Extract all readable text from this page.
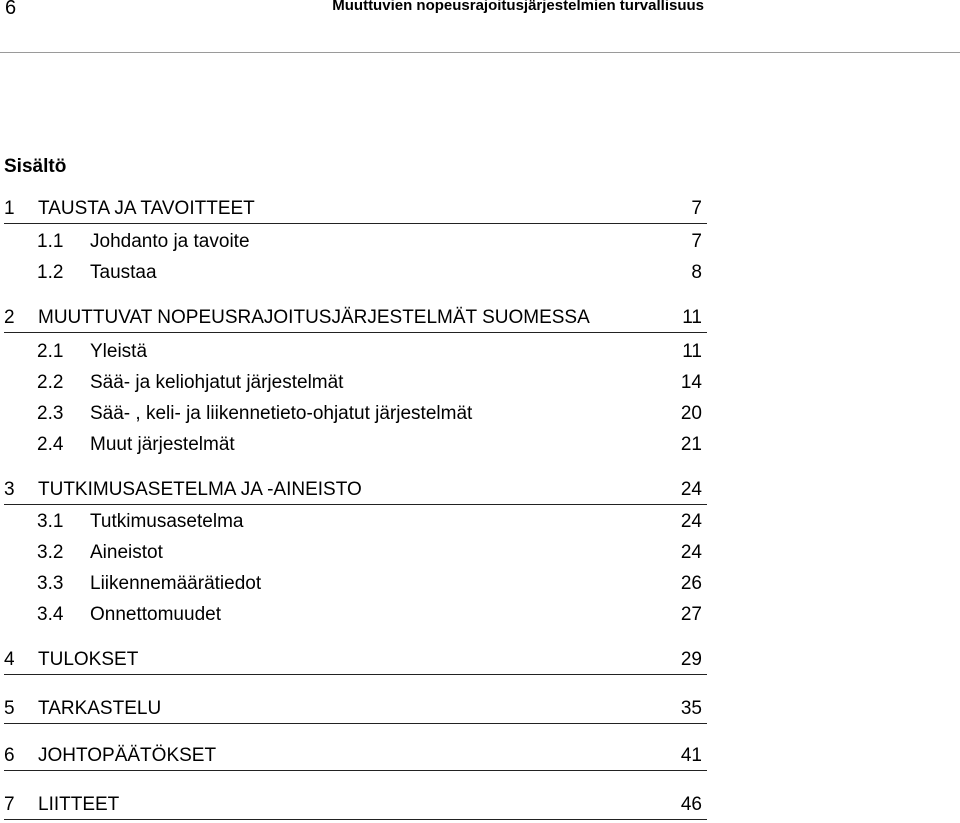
6	Muuttuvien nopeusrajoitusjärjestelmien turvallisuus
Sisältö
1 TAUSTA JA TAVOITTEET	7
1.1 Johdanto ja tavoite	7
1.2 Taustaa	8
2 MUUTTUVAT NOPEUSRAJOITUSJÄRJESTELMÄT SUOMESSA	11
2.1 Yleistä	11
2.2 Sää- ja keliohjatut järjestelmät	14
2.3 Sää- , keli- ja liikennetieto-ohjatut järjestelmät	20
2.4 Muut järjestelmät	21
3 TUTKIMUSASETELMA JA -AINEISTO	24
3.1 Tutkimusasetelma	24
3.2 Aineistot	24
3.3 Liikennemäärätiedot	26
3.4 Onnettomuudet	27
4 TULOKSET	29
5 TARKASTELU	35
6 JOHTOPÄÄTÖKSET	41
7 LIITTEET	46
